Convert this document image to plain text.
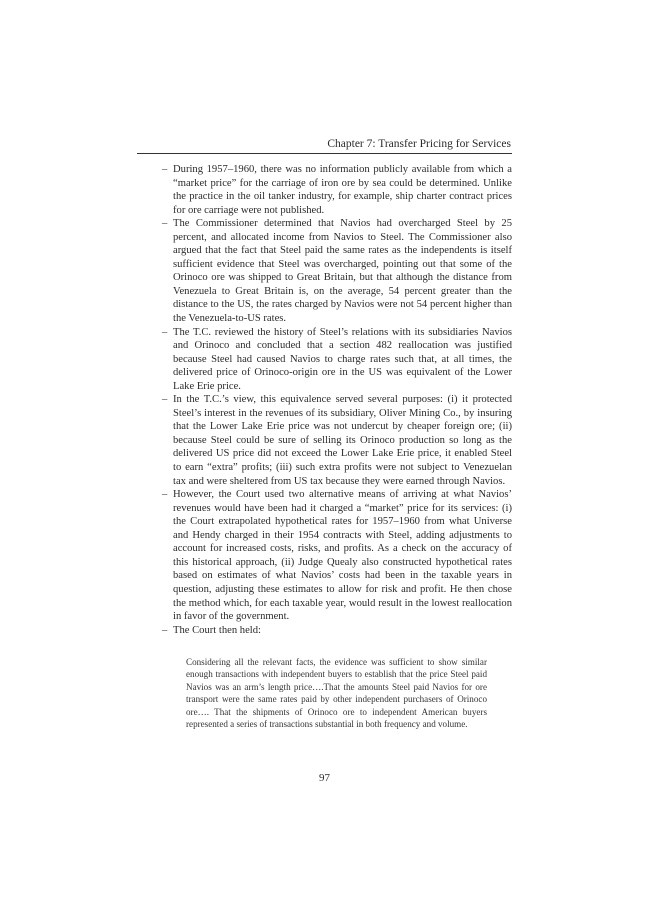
Chapter 7: Transfer Pricing for Services
– During 1957–1960, there was no information publicly available from which a “market price” for the carriage of iron ore by sea could be determined. Unlike the practice in the oil tanker industry, for example, ship charter contract prices for ore carriage were not published.
– The Commissioner determined that Navios had overcharged Steel by 25 percent, and allocated income from Navios to Steel. The Commissioner also argued that the fact that Steel paid the same rates as the independents is itself sufficient evidence that Steel was overcharged, pointing out that some of the Orinoco ore was shipped to Great Britain, but that although the distance from Venezuela to Great Britain is, on the average, 54 percent greater than the distance to the US, the rates charged by Navios were not 54 percent higher than the Venezuela-to-US rates.
– The T.C. reviewed the history of Steel’s relations with its subsidiaries Navios and Orinoco and concluded that a section 482 reallocation was justified because Steel had caused Navios to charge rates such that, at all times, the delivered price of Orinoco-origin ore in the US was equivalent of the Lower Lake Erie price.
– In the T.C.’s view, this equivalence served several purposes: (i) it protected Steel’s interest in the revenues of its subsidiary, Oliver Mining Co., by insuring that the Lower Lake Erie price was not undercut by cheaper foreign ore; (ii) because Steel could be sure of selling its Orinoco production so long as the delivered US price did not exceed the Lower Lake Erie price, it enabled Steel to earn “extra” profits; (iii) such extra profits were not subject to Venezuelan tax and were sheltered from US tax because they were earned through Navios.
– However, the Court used two alternative means of arriving at what Navios’ revenues would have been had it charged a “market” price for its services: (i) the Court extrapolated hypothetical rates for 1957–1960 from what Universe and Hendy charged in their 1954 contracts with Steel, adding adjustments to account for increased costs, risks, and profits. As a check on the accuracy of this historical approach, (ii) Judge Quealy also constructed hypothetical rates based on estimates of what Navios’ costs had been in the taxable years in question, adjusting these estimates to allow for risk and profit. He then chose the method which, for each taxable year, would result in the lowest reallocation in favor of the government.
– The Court then held:
Considering all the relevant facts, the evidence was sufficient to show similar enough transactions with independent buyers to establish that the price Steel paid Navios was an arm’s length price….That the amounts Steel paid Navios for ore transport were the same rates paid by other independent purchasers of Orinoco ore…. That the shipments of Orinoco ore to independent American buyers represented a series of transactions substantial in both frequency and volume.
97
